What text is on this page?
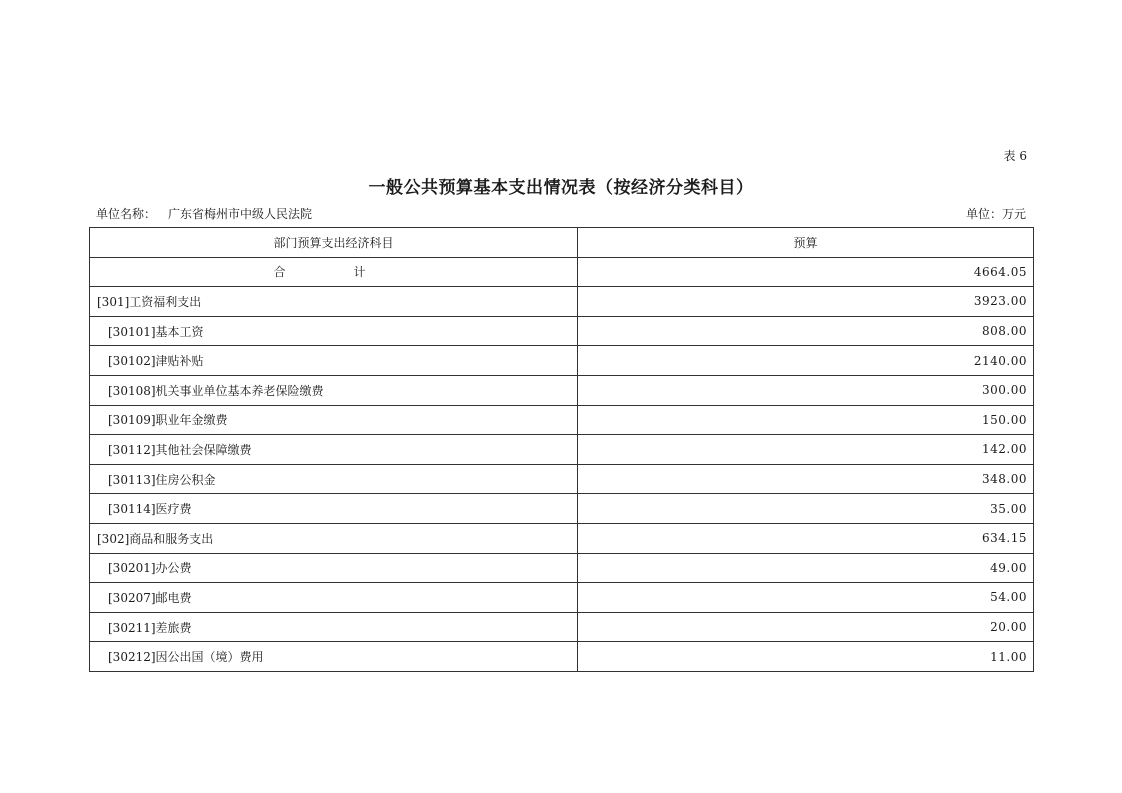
表 6
一般公共预算基本支出情况表（按经济分类科目）
单位名称： 广东省梅州市中级人民法院	单位：万元
部门预算支出经济科目	预算
合　计	4664.05
[301]工资福利支出	3923.00
[30101]基本工资	808.00
[30102]津贴补贴	2140.00
[30108]机关事业单位基本养老保险缴费	300.00
[30109]职业年金缴费	150.00
[30112]其他社会保障缴费	142.00
[30113]住房公积金	348.00
[30114]医疗费	35.00
[302]商品和服务支出	634.15
[30201]办公费	49.00
[30207]邮电费	54.00
[30211]差旅费	20.00
[30212]因公出国（境）费用	11.00
